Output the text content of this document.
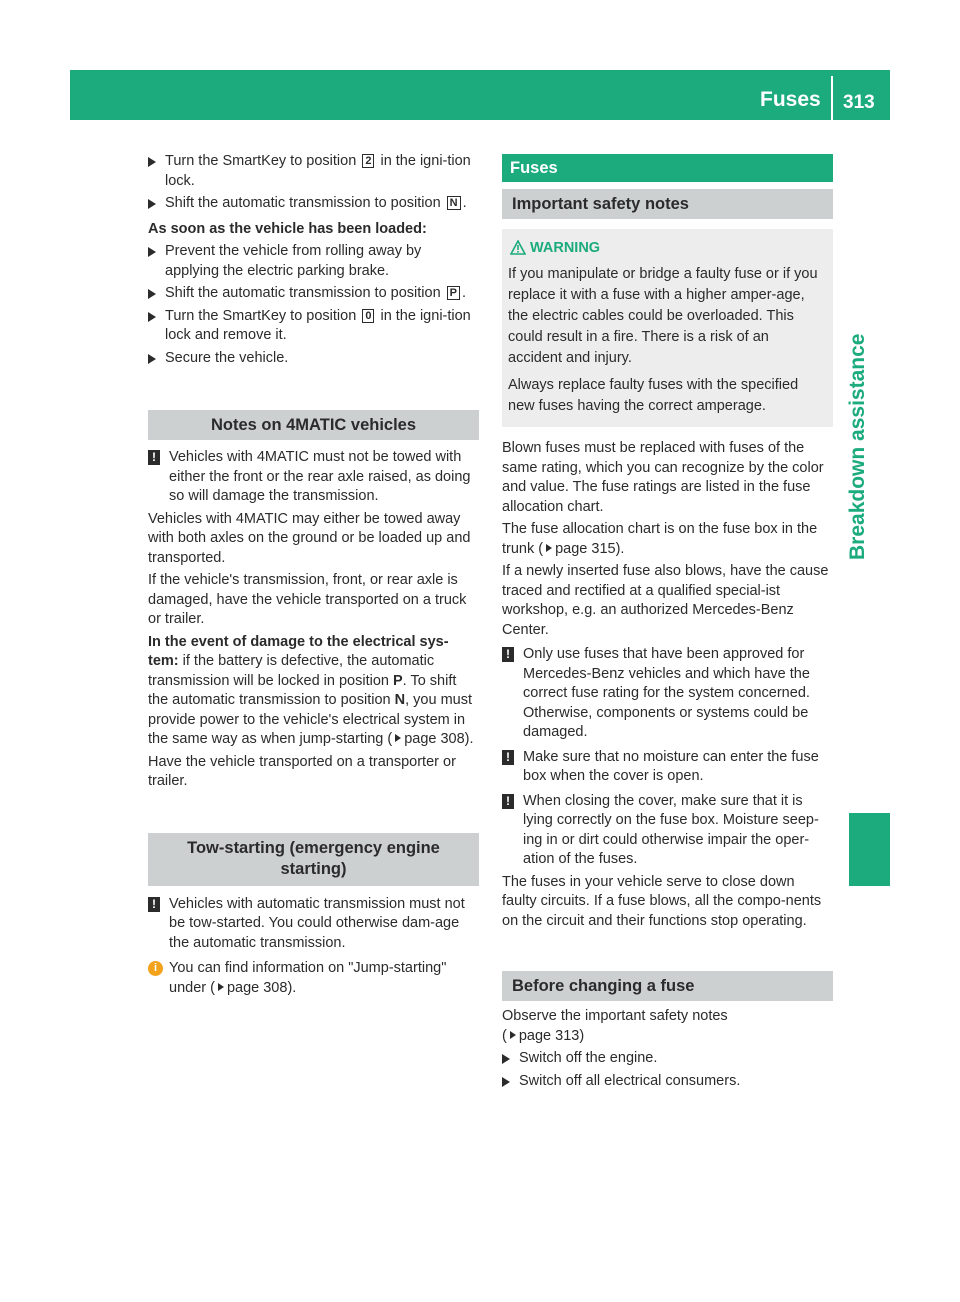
Fuses 313
Breakdown assistance
Turn the SmartKey to position 2 in the igni-tion lock.
Shift the automatic transmission to position N .

As soon as the vehicle has been loaded:

Prevent the vehicle from rolling away by applying the electric parking brake.
Shift the automatic transmission to position P .
Turn the SmartKey to position 0 in the igni-tion lock and remove it.
Secure the vehicle.
Notes on 4MATIC vehicles
! Vehicles with 4MATIC must not be towed with either the front or the rear axle raised, as doing so will damage the transmission.

Vehicles with 4MATIC may either be towed away with both axles on the ground or be loaded up and transported.

If the vehicle's transmission, front, or rear axle is damaged, have the vehicle transported on a truck or trailer.

In the event of damage to the electrical sys-tem: if the battery is defective, the automatic transmission will be locked in position P. To shift the automatic transmission to position N, you must provide power to the vehicle's electrical system in the same way as when jump-starting ( page 308).

Have the vehicle transported on a transporter or trailer.

Tow-starting (emergency engine starting)
! Vehicles with automatic transmission must not be tow-started. You could otherwise dam-age the automatic transmission.
i You can find information on "Jump-starting" under ( page 308).
Fuses
Important safety notes
WARNING

If you manipulate or bridge a faulty fuse or if you replace it with a fuse with a higher amper-age, the electric cables could be overloaded. This could result in a fire. There is a risk of an accident and injury.

Always replace faulty fuses with the specified new fuses having the correct amperage.

Blown fuses must be replaced with fuses of the same rating, which you can recognize by the color and value. The fuse ratings are listed in the fuse allocation chart.

The fuse allocation chart is on the fuse box in the trunk ( page 315).

If a newly inserted fuse also blows, have the cause traced and rectified at a qualified special-ist workshop, e.g. an authorized Mercedes-Benz Center.

! Only use fuses that have been approved for Mercedes-Benz vehicles and which have the correct fuse rating for the system concerned. Otherwise, components or systems could be damaged.
! Make sure that no moisture can enter the fuse box when the cover is open.
! When closing the cover, make sure that it is lying correctly on the fuse box. Moisture seep-ing in or dirt could otherwise impair the oper-ation of the fuses.

The fuses in your vehicle serve to close down faulty circuits. If a fuse blows, all the compo-nents on the circuit and their functions stop operating.

Before changing a fuse

Observe the important safety notes
( page 313)

Switch off the engine.
Switch off all electrical consumers.
